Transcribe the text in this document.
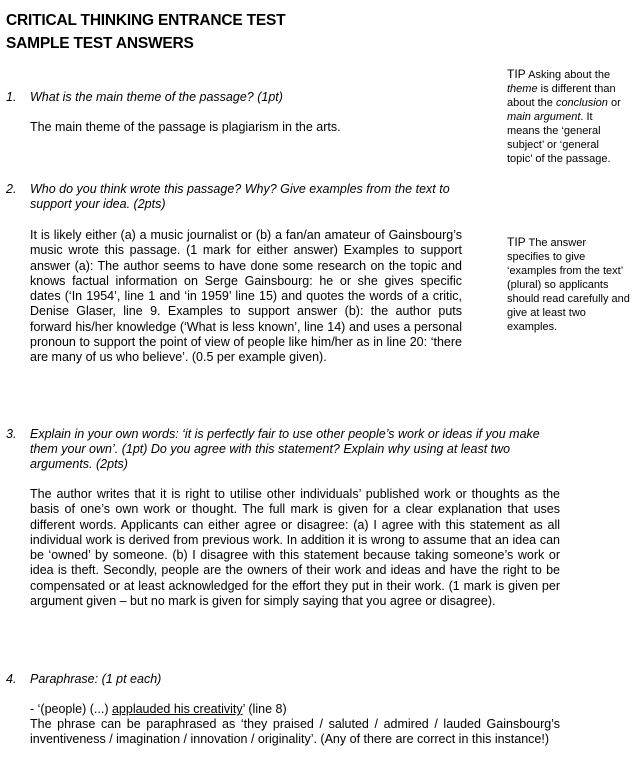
CRITICAL THINKING ENTRANCE TEST
SAMPLE TEST ANSWERS
TIP Asking about the theme is different than about the conclusion or main argument. It means the ‘general subject’ or ‘general topic’ of the passage.
TIP The answer specifies to give ‘examples from the text’ (plural) so applicants should read carefully and give at least two examples.
1. What is the main theme of the passage? (1pt)
The main theme of the passage is plagiarism in the arts.
2. Who do you think wrote this passage? Why? Give examples from the text to support your idea. (2pts)
It is likely either (a) a music journalist or (b) a fan/an amateur of Gainsbourg’s music wrote this passage. (1 mark for either answer) Examples to support answer (a): The author seems to have done some research on the topic and knows factual information on Serge Gainsbourg: he or she gives specific dates (‘In 1954’, line 1 and ‘in 1959’ line 15) and quotes the words of a critic, Denise Glaser, line 9. Examples to support answer (b): the author puts forward his/her knowledge (‘What is less known’, line 14) and uses a personal pronoun to support the point of view of people like him/her as in line 20: ‘there are many of us who believe’. (0.5 per example given).
3. Explain in your own words: ‘it is perfectly fair to use other people’s work or ideas if you make them your own’. (1pt) Do you agree with this statement? Explain why using at least two arguments. (2pts)
The author writes that it is right to utilise other individuals’ published work or thoughts as the basis of one’s own work or thought. The full mark is given for a clear explanation that uses different words. Applicants can either agree or disagree: (a) I agree with this statement as all individual work is derived from previous work. In addition it is wrong to assume that an idea can be ‘owned’ by someone. (b) I disagree with this statement because taking someone’s work or idea is theft. Secondly, people are the owners of their work and ideas and have the right to be compensated or at least acknowledged for the effort they put in their work. (1 mark is given per argument given – but no mark is given for simply saying that you agree or disagree).
4. Paraphrase: (1 pt each)
- ‘(people) (...) applauded his creativity’ (line 8)
The phrase can be paraphrased as ‘they praised / saluted / admired / lauded Gainsbourg’s inventiveness / imagination / innovation / originality’. (Any of there are correct in this instance!)
